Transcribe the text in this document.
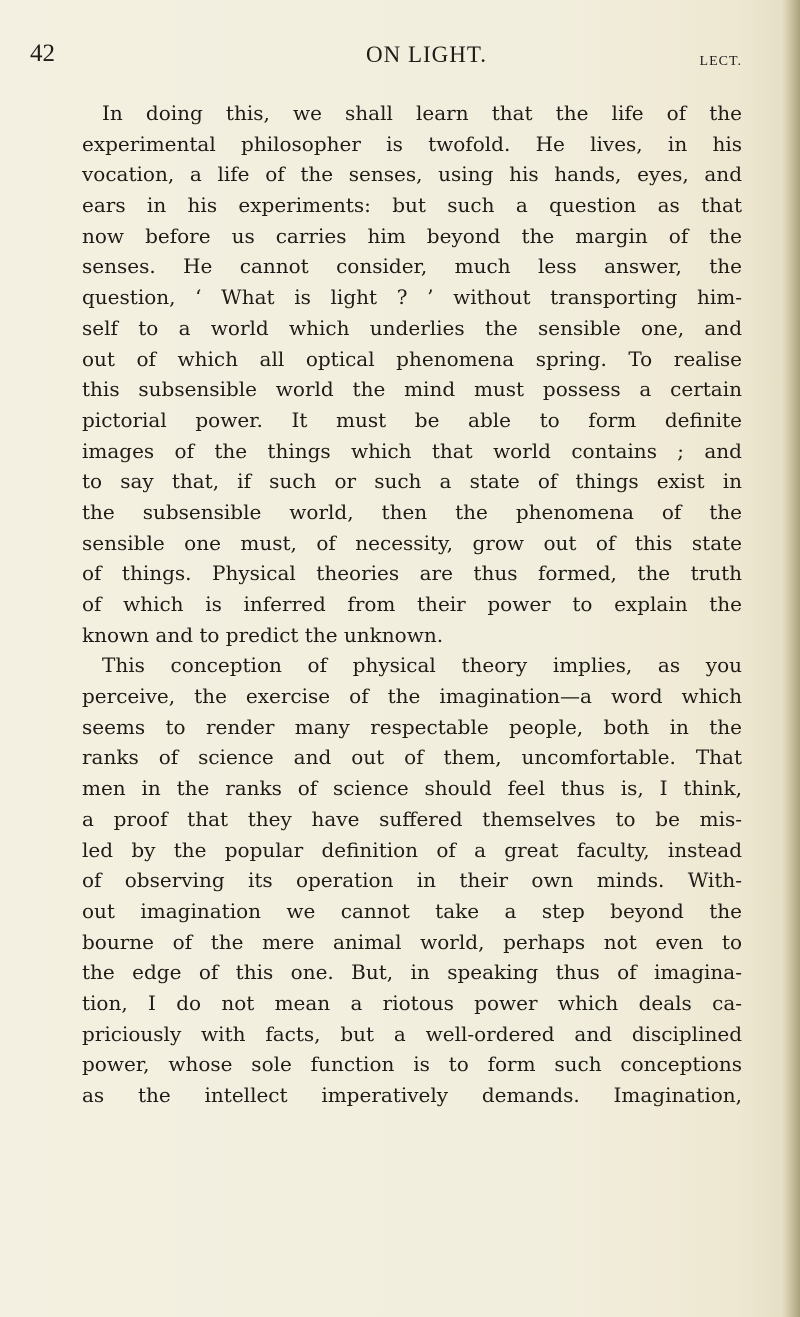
42	ON LIGHT.	LECT.
In doing this, we shall learn that the life of the
experimental philosopher is twofold. He lives, in his
vocation, a life of the senses, using his hands, eyes, and
ears in his experiments: but such a question as that
now before us carries him beyond the margin of the
senses. He cannot consider, much less answer, the
question, ‘ What is light ? ’ without transporting him-
self to a world which underlies the sensible one, and
out of which all optical phenomena spring. To realise
this subsensible world the mind must possess a certain
pictorial power. It must be able to form definite
images of the things which that world contains ; and
to say that, if such or such a state of things exist in
the subsensible world, then the phenomena of the
sensible one must, of necessity, grow out of this state
of things. Physical theories are thus formed, the truth
of which is inferred from their power to explain the
known and to predict the unknown.
This conception of physical theory implies, as you
perceive, the exercise of the imagination—a word which
seems to render many respectable people, both in the
ranks of science and out of them, uncomfortable. That
men in the ranks of science should feel thus is, I think,
a proof that they have suffered themselves to be mis-
led by the popular definition of a great faculty, instead
of observing its operation in their own minds. With-
out imagination we cannot take a step beyond the
bourne of the mere animal world, perhaps not even to
the edge of this one. But, in speaking thus of imagina-
tion, I do not mean a riotous power which deals ca-
priciously with facts, but a well-ordered and disciplined
power, whose sole function is to form such conceptions
as the intellect imperatively demands. Imagination,
